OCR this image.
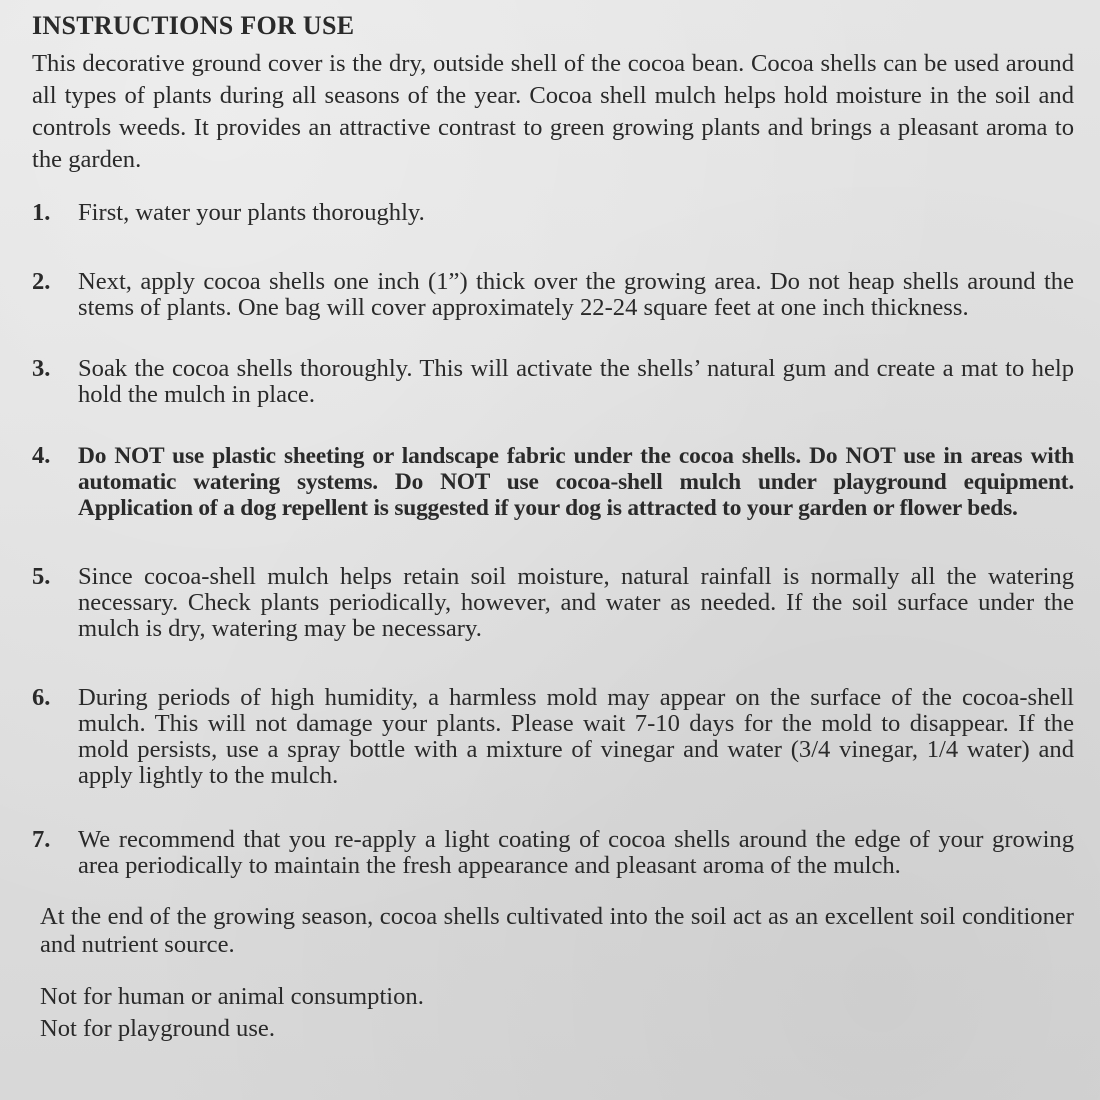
INSTRUCTIONS FOR USE

This decorative ground cover is the dry, outside shell of the cocoa bean. Cocoa shells can be used around all types of plants during all seasons of the year. Cocoa shell mulch helps hold moisture in the soil and controls weeds. It provides an attractive contrast to green growing plants and brings a pleasant aroma to the garden.

1.	First, water your plants thoroughly.
2.	Next, apply cocoa shells one inch (1”) thick over the growing area. Do not heap shells around the stems of plants. One bag will cover approximately 22-24 square feet at one inch thickness.
3.	Soak the cocoa shells thoroughly. This will activate the shells’ natural gum and create a mat to help hold the mulch in place.
4.	Do NOT use plastic sheeting or landscape fabric under the cocoa shells. Do NOT use in areas with automatic watering systems. Do NOT use cocoa-shell mulch under playground equipment. Application of a dog repellent is suggested if your dog is attracted to your garden or flower beds.
5.	Since cocoa-shell mulch helps retain soil moisture, natural rainfall is normally all the watering necessary. Check plants periodically, however, and water as needed. If the soil surface under the mulch is dry, watering may be necessary.
6.	During periods of high humidity, a harmless mold may appear on the surface of the cocoa-shell mulch. This will not damage your plants. Please wait 7-10 days for the mold to disappear. If the mold persists, use a spray bottle with a mixture of vinegar and water (3/4 vinegar, 1/4 water) and apply lightly to the mulch.
7.	We recommend that you re-apply a light coating of cocoa shells around the edge of your growing area periodically to maintain the fresh appearance and pleasant aroma of the mulch.

At the end of the growing season, cocoa shells cultivated into the soil act as an excellent soil conditioner and nutrient source.

Not for human or animal consumption.
Not for playground use.
